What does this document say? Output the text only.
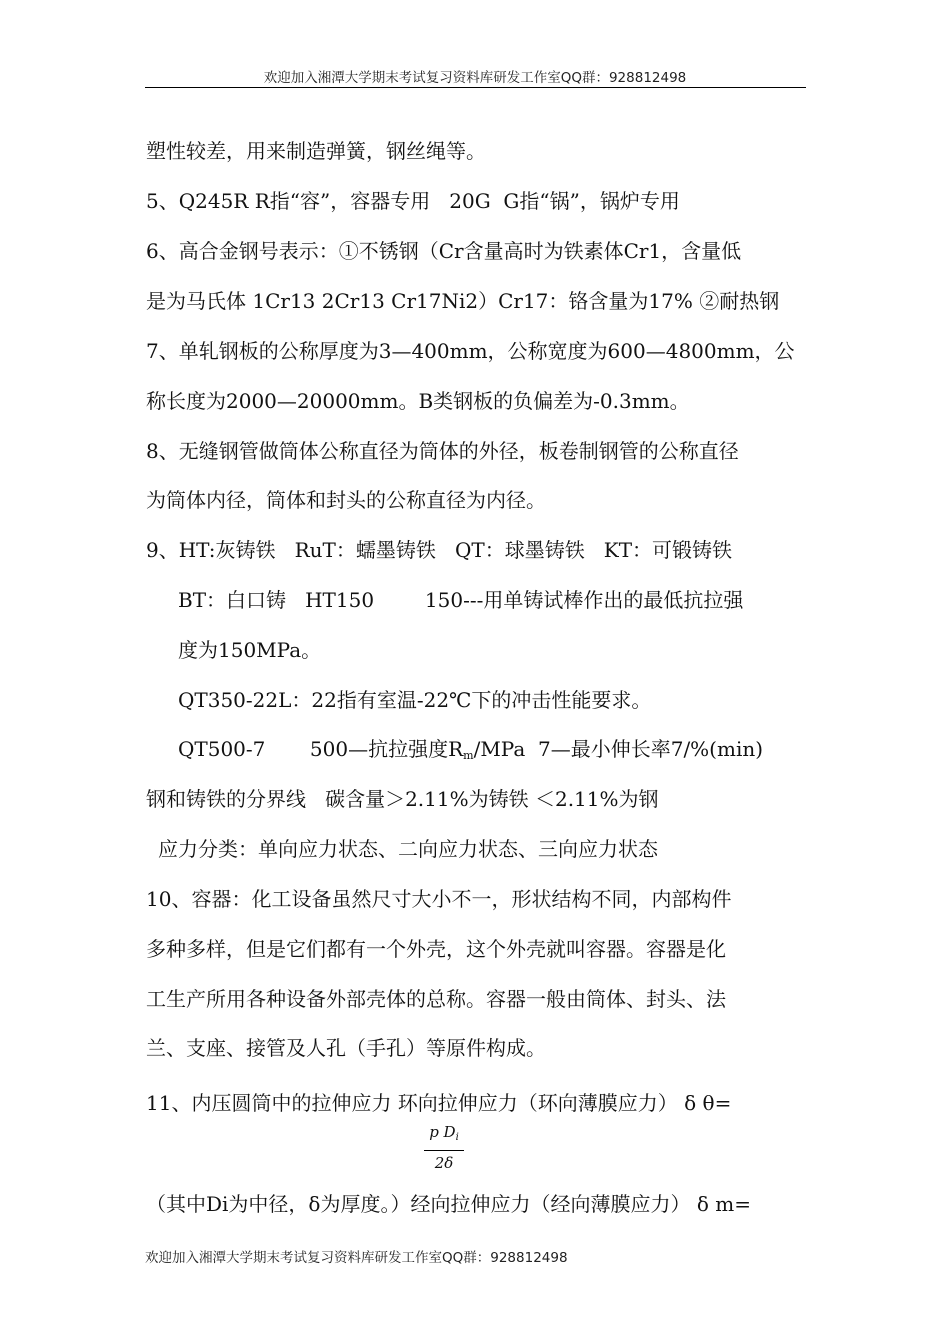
欢迎加入湘潭大学期末考试复习资料库研发工作室QQ群：928812498
塑性较差，用来制造弹簧，钢丝绳等。
5、Q245R R指“容”，容器专用   20G  G指“锅”，锅炉专用
6、高合金钢号表示：①不锈钢（Cr含量高时为铁素体Cr1，含量低
是为马氏体 1Cr13 2Cr13 Cr17Ni2）Cr17：铬含量为17% ②耐热钢
7、单轧钢板的公称厚度为3—400mm，公称宽度为600—4800mm，公
称长度为2000—20000mm。B类钢板的负偏差为-0.3mm。
8、无缝钢管做筒体公称直径为筒体的外径，板卷制钢管的公称直径
为筒体内径，筒体和封头的公称直径为内径。
9、HT:灰铸铁   RuT：蠕墨铸铁   QT：球墨铸铁   KT：可锻铸铁
BT：白口铸   HT150        150---用单铸试棒作出的最低抗拉强
度为150MPa。
QT350-22L：22指有室温-22℃下的冲击性能要求。
QT500-7       500—抗拉强度$R_m$/MPa  7—最小伸长率7/%(min)
钢和铸铁的分界线   碳含量＞2.11%为铸铁 ＜2.11%为钢
应力分类：单向应力状态、二向应力状态、三向应力状态
10、容器：化工设备虽然尺寸大小不一，形状结构不同，内部构件
多种多样，但是它们都有一个外壳，这个外壳就叫容器。容器是化
工生产所用各种设备外部壳体的总称。容器一般由筒体、封头、法
兰、支座、接管及人孔（手孔）等原件构成。
11、内压圆筒中的拉伸应力 环向拉伸应力（环向薄膜应力） δ θ=
p $D_i$
2δ
（其中Di为中径，δ为厚度。）经向拉伸应力（经向薄膜应力） δ m=
欢迎加入湘潭大学期末考试复习资料库研发工作室QQ群：928812498
